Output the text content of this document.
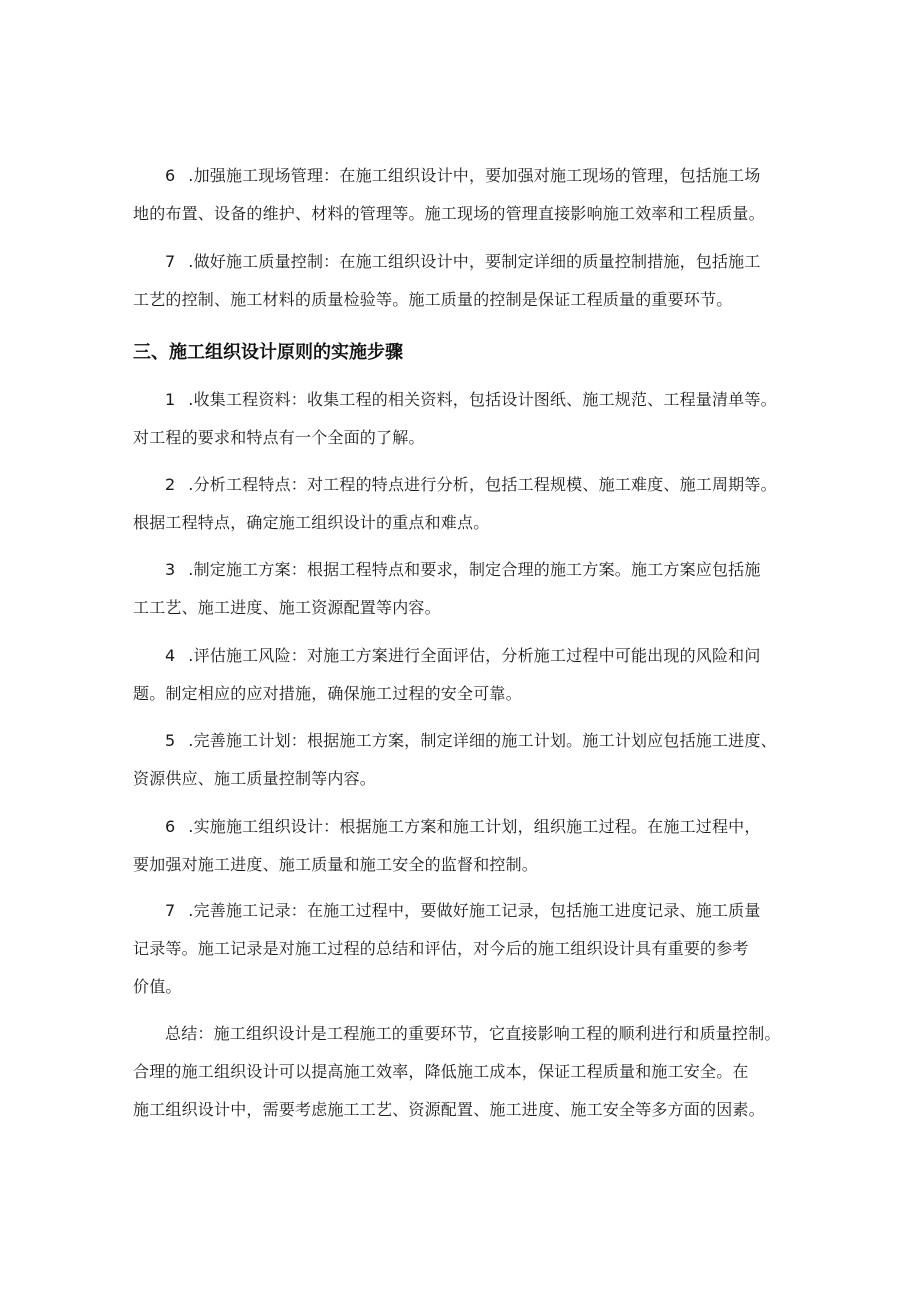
6 .加强施工现场管理：在施工组织设计中，要加强对施工现场的管理，包括施工场
地的布置、设备的维护、材料的管理等。施工现场的管理直接影响施工效率和工程质量。
7 .做好施工质量控制：在施工组织设计中，要制定详细的质量控制措施，包括施工
工艺的控制、施工材料的质量检验等。施工质量的控制是保证工程质量的重要环节。
三、施工组织设计原则的实施步骤
1 .收集工程资料：收集工程的相关资料，包括设计图纸、施工规范、工程量清单等。
对工程的要求和特点有一个全面的了解。
2 .分析工程特点：对工程的特点进行分析，包括工程规模、施工难度、施工周期等。
根据工程特点，确定施工组织设计的重点和难点。
3 .制定施工方案：根据工程特点和要求，制定合理的施工方案。施工方案应包括施
工工艺、施工进度、施工资源配置等内容。
4 .评估施工风险：对施工方案进行全面评估，分析施工过程中可能出现的风险和问
题。制定相应的应对措施，确保施工过程的安全可靠。
5 .完善施工计划：根据施工方案，制定详细的施工计划。施工计划应包括施工进度、
资源供应、施工质量控制等内容。
6 .实施施工组织设计：根据施工方案和施工计划，组织施工过程。在施工过程中，
要加强对施工进度、施工质量和施工安全的监督和控制。
7 .完善施工记录：在施工过程中，要做好施工记录，包括施工进度记录、施工质量
记录等。施工记录是对施工过程的总结和评估，对今后的施工组织设计具有重要的参考
价值。
总结：施工组织设计是工程施工的重要环节，它直接影响工程的顺利进行和质量控制。
合理的施工组织设计可以提高施工效率，降低施工成本，保证工程质量和施工安全。在
施工组织设计中，需要考虑施工工艺、资源配置、施工进度、施工安全等多方面的因素。
